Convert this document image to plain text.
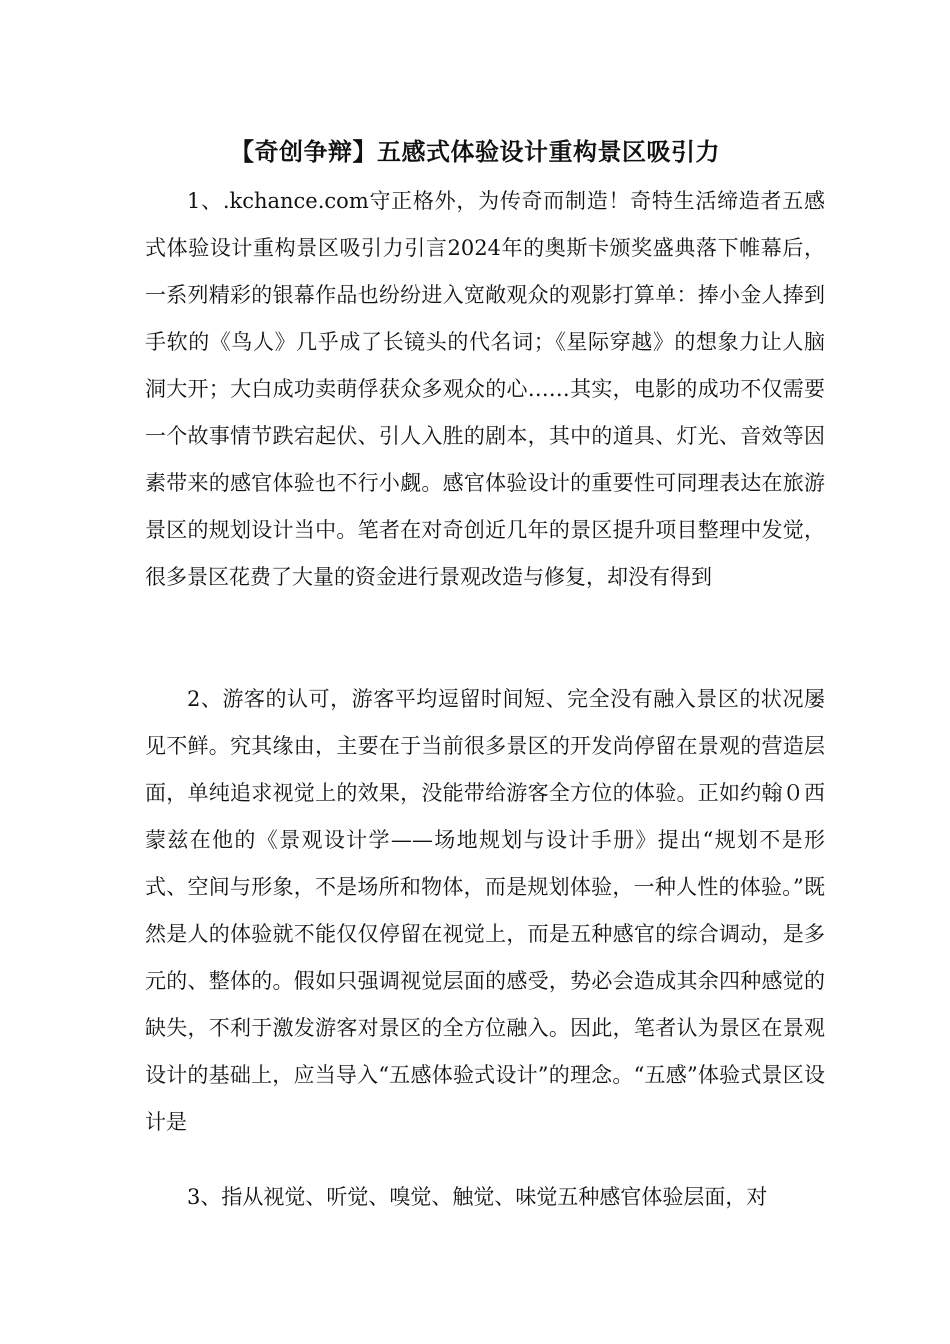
【奇创争辩】五感式体验设计重构景区吸引力

1、.kchance.com守正格外，为传奇而制造！奇特生活缔造者五感式体验设计重构景区吸引力引言2024年的奥斯卡颁奖盛典落下帷幕后，一系列精彩的银幕作品也纷纷进入宽敞观众的观影打算单：捧小金人捧到手软的《鸟人》几乎成了长镜头的代名词；《星际穿越》的想象力让人脑洞大开；大白成功卖萌俘获众多观众的心……其实，电影的成功不仅需要一个故事情节跌宕起伏、引人入胜的剧本，其中的道具、灯光、音效等因素带来的感官体验也不行小觑。感官体验设计的重要性可同理表达在旅游景区的规划设计当中。笔者在对奇创近几年的景区提升项目整理中发觉，很多景区花费了大量的资金进行景观改造与修复，却没有得到

2、游客的认可，游客平均逗留时间短、完全没有融入景区的状况屡见不鲜。究其缘由，主要在于当前很多景区的开发尚停留在景观的营造层面，单纯追求视觉上的效果，没能带给游客全方位的体验。正如约翰０西蒙兹在他的《景观设计学——场地规划与设计手册》提出“规划不是形式、空间与形象，不是场所和物体，而是规划体验，一种人性的体验。”既然是人的体验就不能仅仅停留在视觉上，而是五种感官的综合调动，是多元的、整体的。假如只强调视觉层面的感受，势必会造成其余四种感觉的缺失，不利于激发游客对景区的全方位融入。因此，笔者认为景区在景观设计的基础上，应当导入“五感体验式设计”的理念。“五感”体验式景区设计是

3、指从视觉、听觉、嗅觉、触觉、味觉五种感官体验层面，对
